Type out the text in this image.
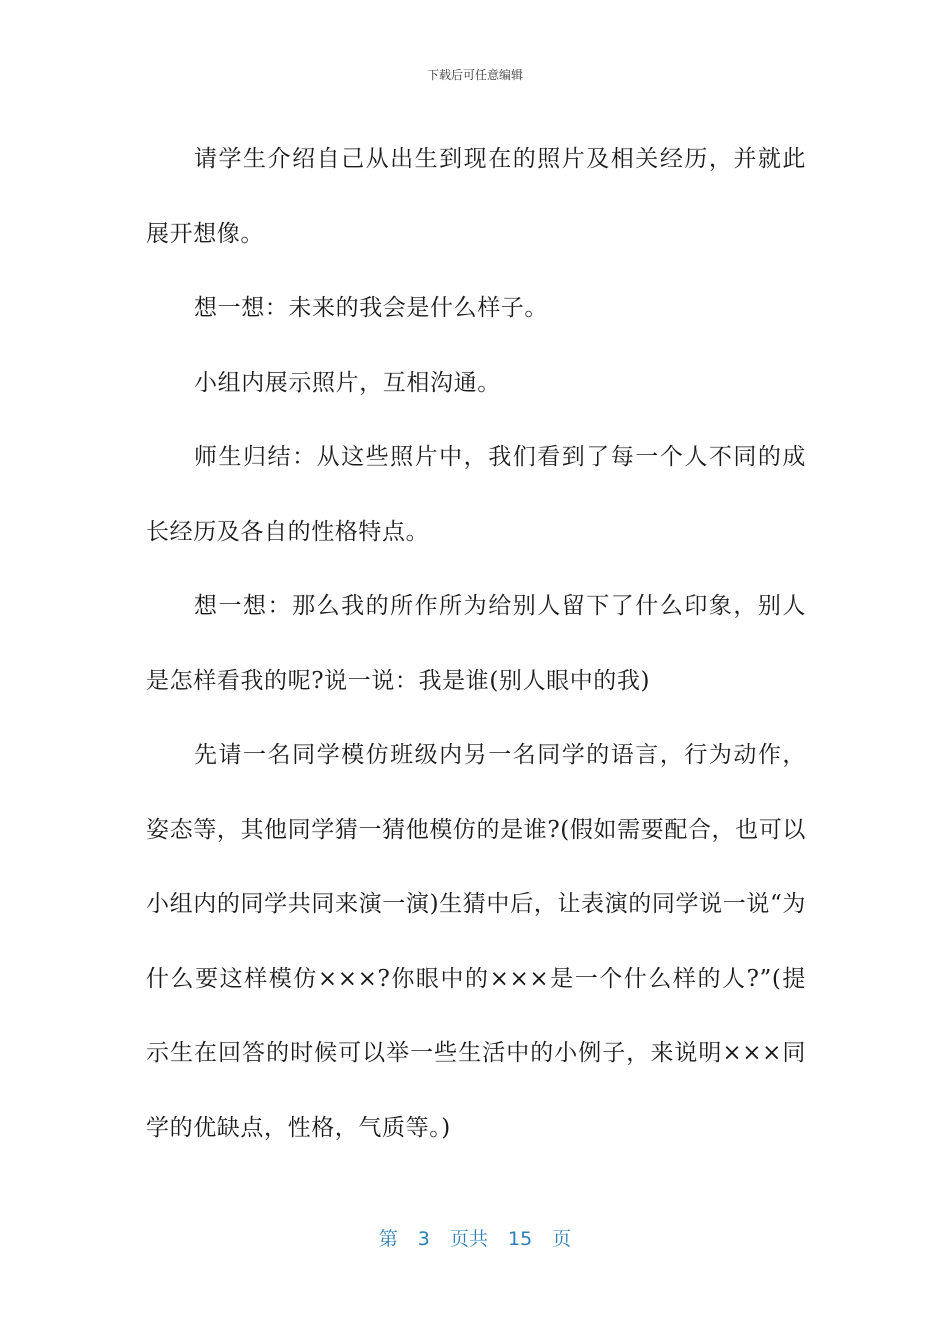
下载后可任意编辑

请学生介绍自己从出生到现在的照片及相关经历，并就此展开想像。

想一想：未来的我会是什么样子。

小组内展示照片，互相沟通。

师生归结：从这些照片中，我们看到了每一个人不同的成长经历及各自的性格特点。

想一想：那么我的所作所为给别人留下了什么印象，别人是怎样看我的呢?说一说：我是谁(别人眼中的我)

先请一名同学模仿班级内另一名同学的语言，行为动作，姿态等，其他同学猜一猜他模仿的是谁?(假如需要配合，也可以小组内的同学共同来演一演)生猜中后，让表演的同学说一说“为什么要这样模仿×××?你眼中的×××是一个什么样的人?”(提示生在回答的时候可以举一些生活中的小例子，来说明×××同学的优缺点，性格，气质等。)

第 3 页共 15 页
